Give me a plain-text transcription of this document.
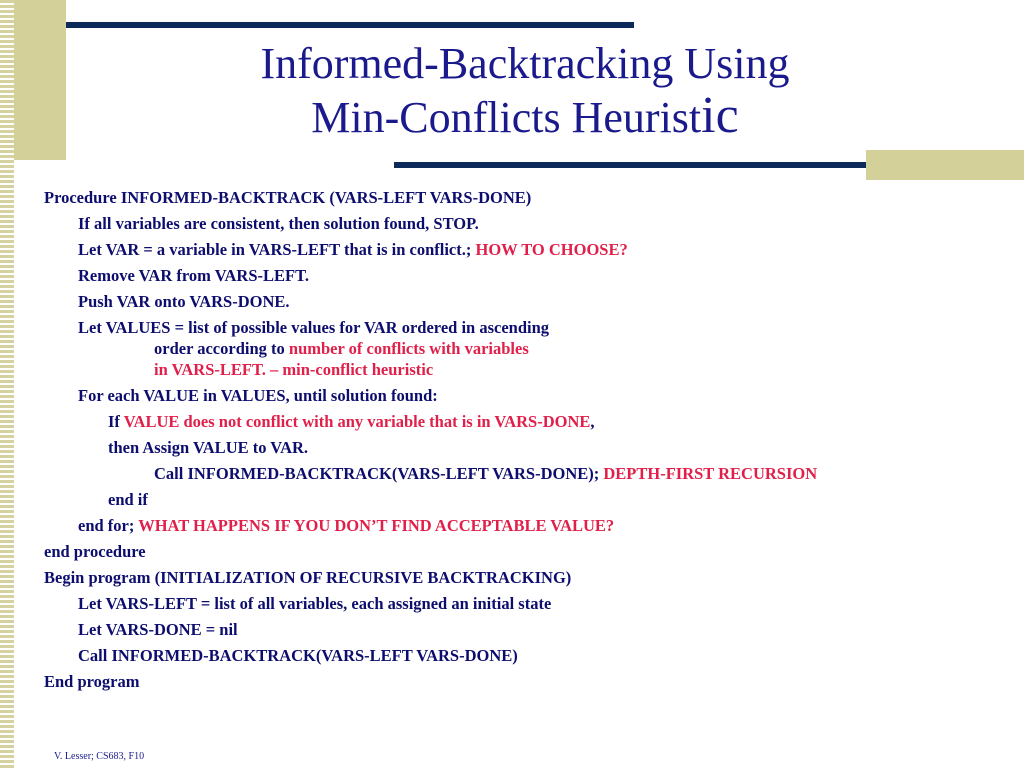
Informed-Backtracking Using
Min-Conflicts Heuristic
Procedure INFORMED-BACKTRACK (VARS-LEFT VARS-DONE)
If all variables are consistent, then solution found, STOP.
Let VAR = a variable in VARS-LEFT that is in conflict.; HOW TO CHOOSE?
Remove VAR from VARS-LEFT.
Push VAR onto VARS-DONE.
Let VALUES = list of possible values for VAR ordered in ascending
order according to number of conflicts with variables
in VARS-LEFT. – min-conflict heuristic
For each VALUE in VALUES, until solution found:
If VALUE does not conflict with any variable that is in VARS-DONE,
then Assign VALUE to VAR.
Call INFORMED-BACKTRACK(VARS-LEFT VARS-DONE); DEPTH-FIRST RECURSION
end if
end for; WHAT HAPPENS IF YOU DON’T FIND ACCEPTABLE VALUE?
end procedure
Begin program (INITIALIZATION OF RECURSIVE BACKTRACKING)
Let VARS-LEFT = list of all variables, each assigned an initial state
Let VARS-DONE = nil
Call INFORMED-BACKTRACK(VARS-LEFT VARS-DONE)
End program
V. Lesser; CS683, F10
